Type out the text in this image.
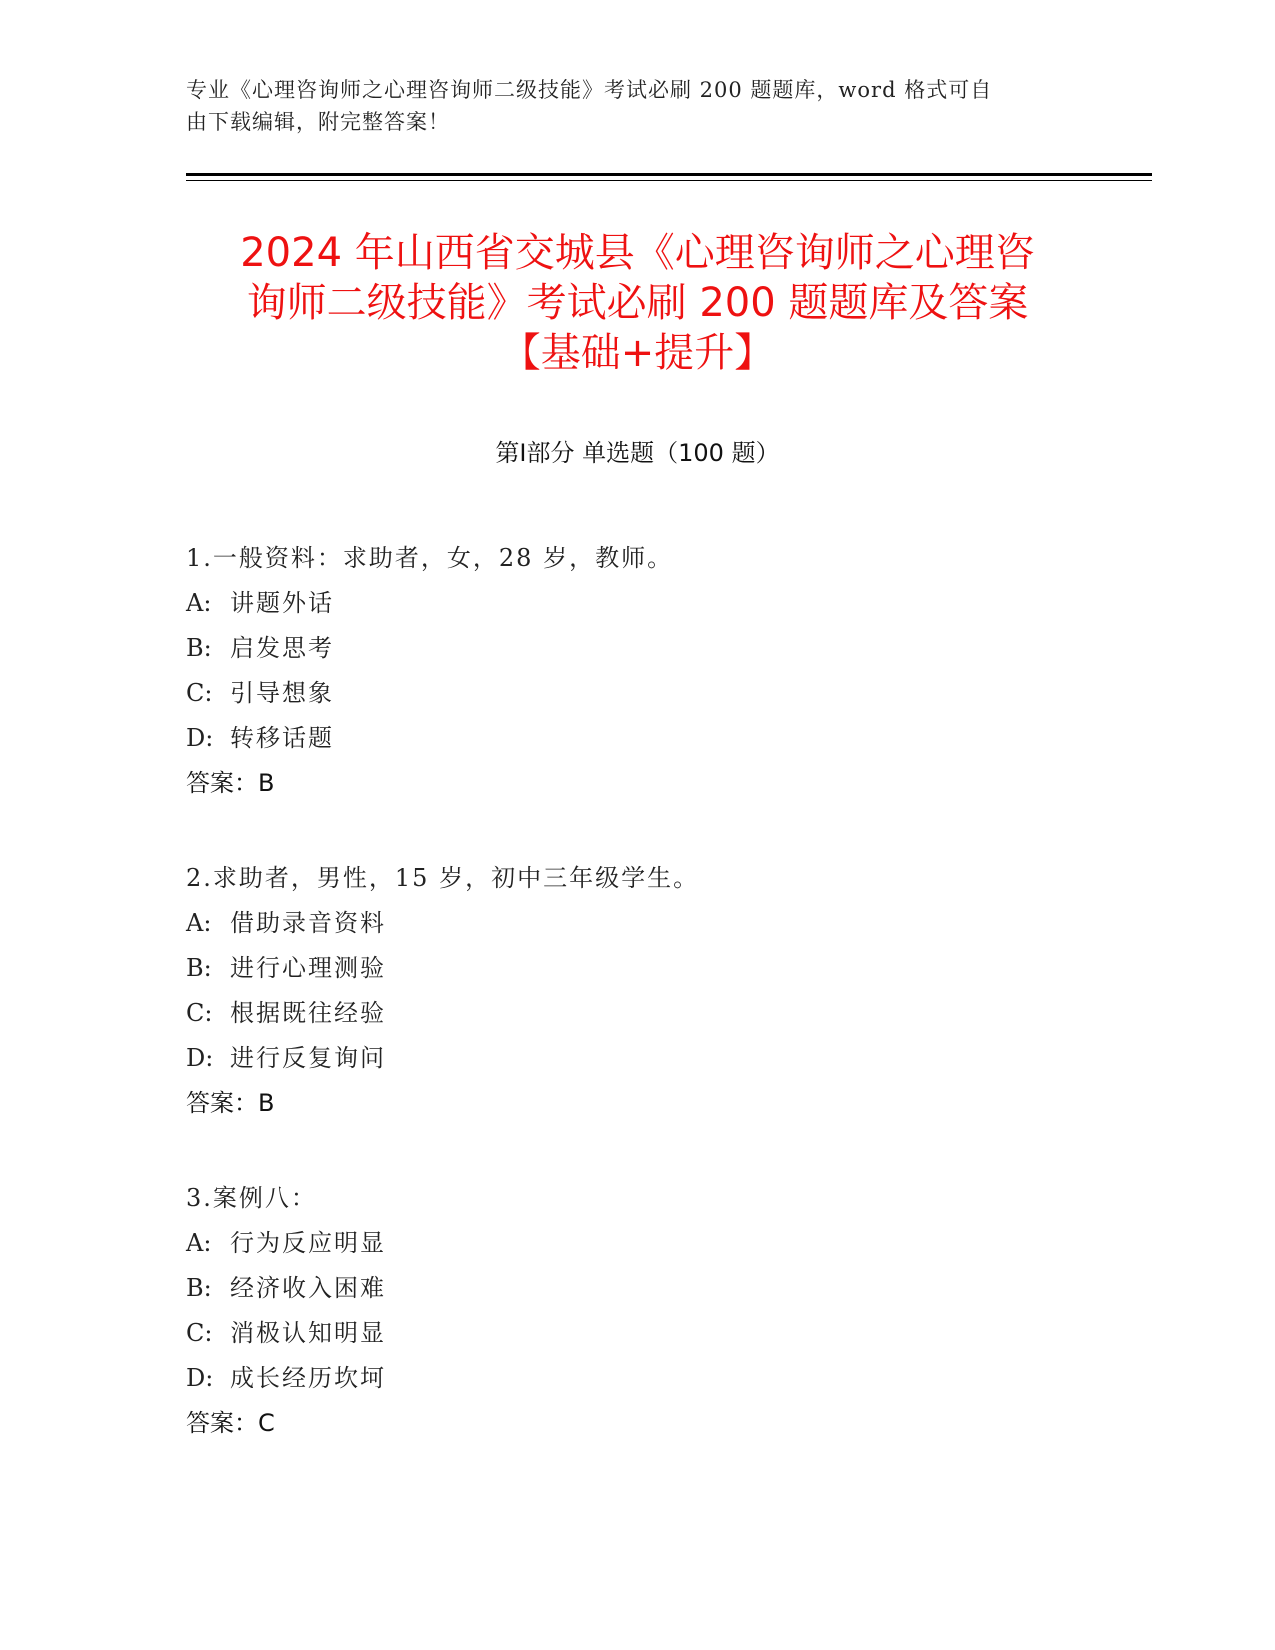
专业《心理咨询师之心理咨询师二级技能》考试必刷 200 题题库，word 格式可自
由下载编辑，附完整答案！
2024 年山西省交城县《心理咨询师之心理咨
询师二级技能》考试必刷 200 题题库及答案
【基础+提升】
第Ⅰ部分 单选题（100 题）
1.一般资料：求助者，女，28 岁，教师。
A: 讲题外话
B: 启发思考
C: 引导想象
D: 转移话题
答案：B
2.求助者，男性，15 岁，初中三年级学生。
A: 借助录音资料
B: 进行心理测验
C: 根据既往经验
D: 进行反复询问
答案：B
3.案例八：
A: 行为反应明显
B: 经济收入困难
C: 消极认知明显
D: 成长经历坎坷
答案：C
